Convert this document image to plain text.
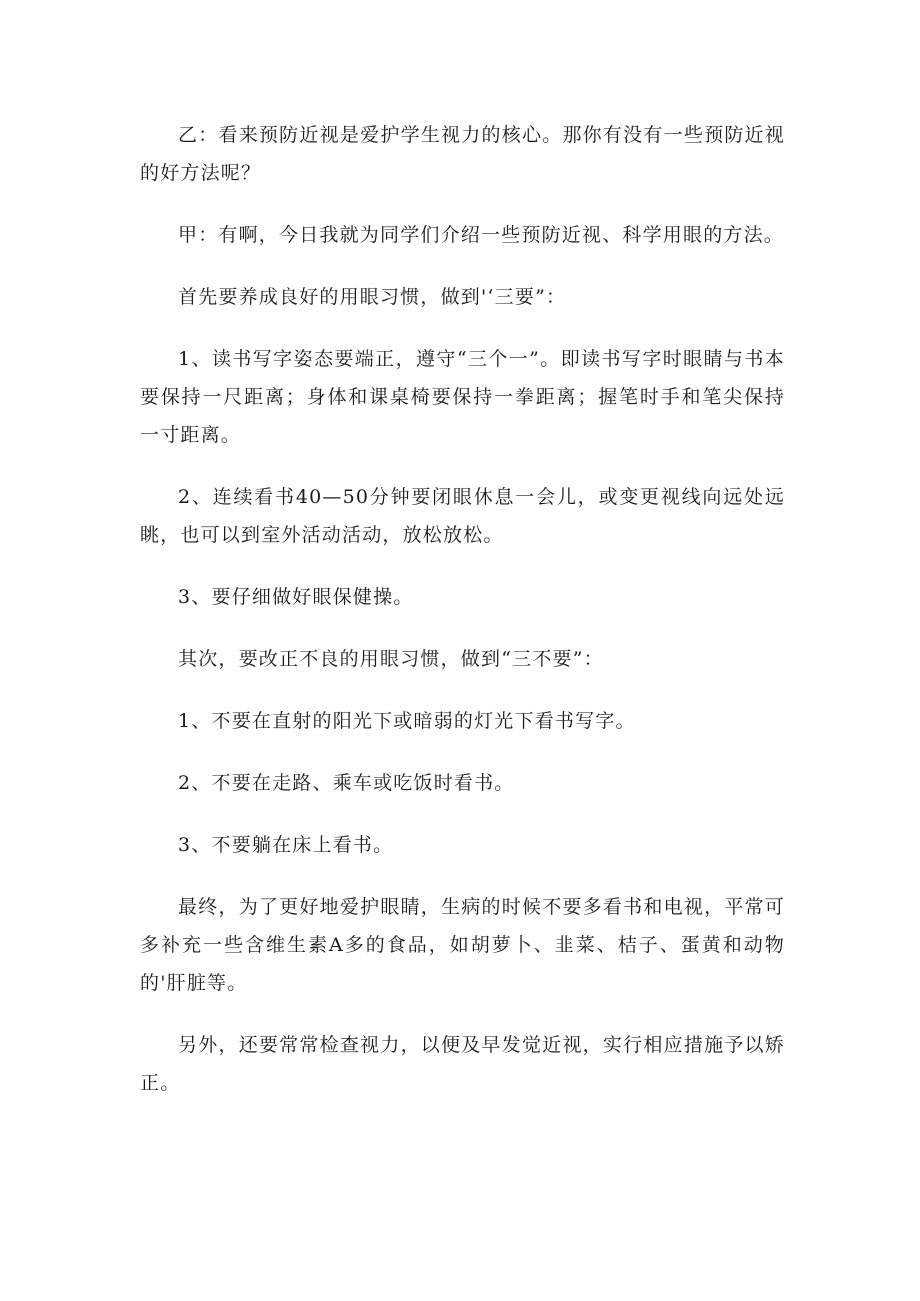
乙：看来预防近视是爱护学生视力的核心。那你有没有一些预防近视的好方法呢？

甲：有啊，今日我就为同学们介绍一些预防近视、科学用眼的方法。

首先要养成良好的用眼习惯，做到'‘三要”：

1、读书写字姿态要端正，遵守“三个一”。即读书写字时眼睛与书本要保持一尺距离；身体和课桌椅要保持一拳距离；握笔时手和笔尖保持一寸距离。

2、连续看书40—50分钟要闭眼休息一会儿，或变更视线向远处远眺，也可以到室外活动活动，放松放松。

3、要仔细做好眼保健操。

其次，要改正不良的用眼习惯，做到“三不要”：

1、不要在直射的阳光下或暗弱的灯光下看书写字。

2、不要在走路、乘车或吃饭时看书。

3、不要躺在床上看书。

最终，为了更好地爱护眼睛，生病的时候不要多看书和电视，平常可多补充一些含维生素A多的食品，如胡萝卜、韭菜、桔子、蛋黄和动物的'肝脏等。

另外，还要常常检查视力，以便及早发觉近视，实行相应措施予以矫正。
